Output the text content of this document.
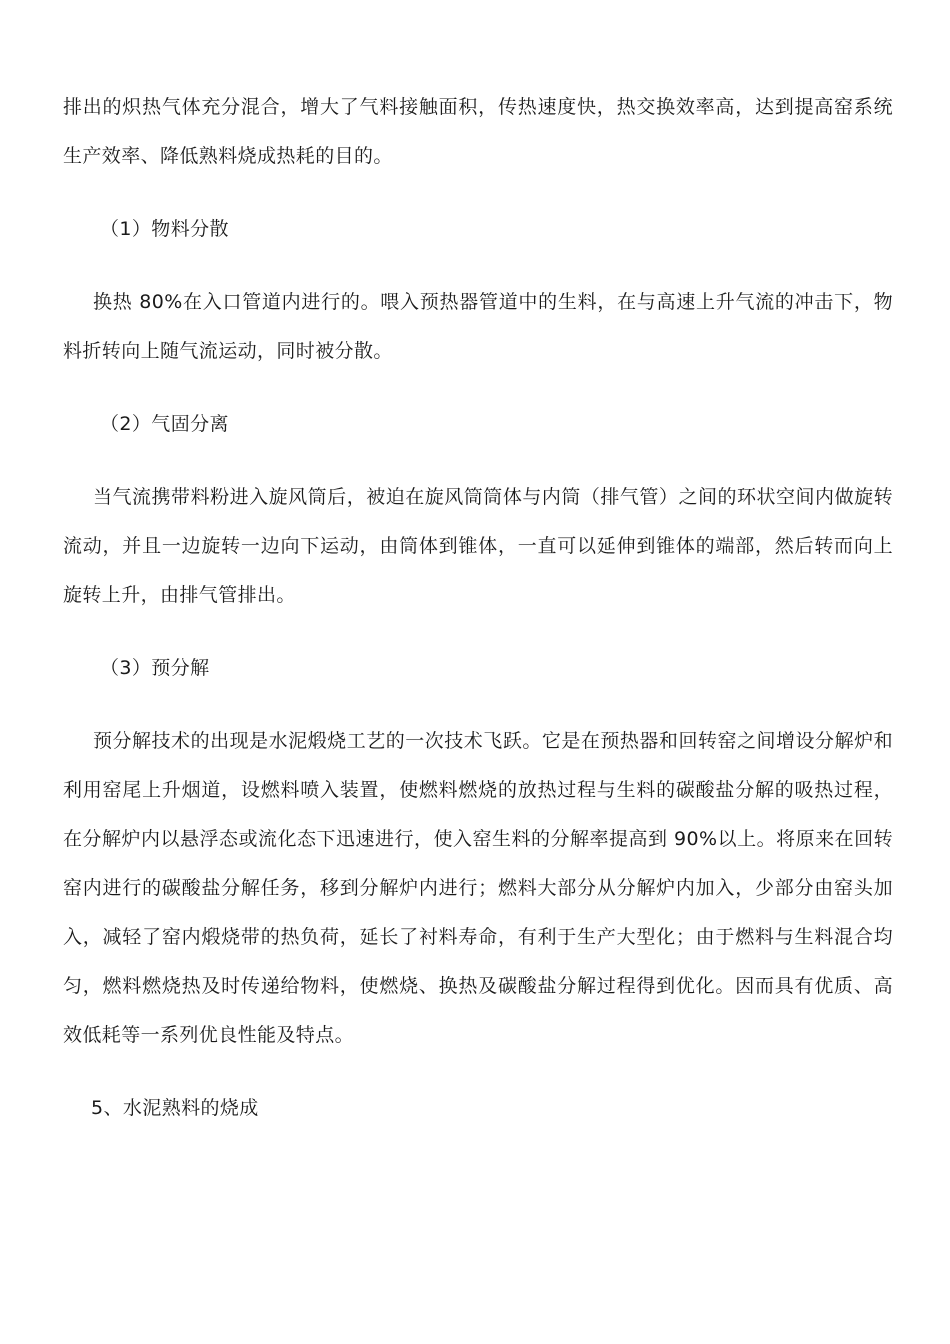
排出的炽热气体充分混合，增大了气料接触面积，传热速度快，热交换效率高，达到提高窑系统生产效率、降低熟料烧成热耗的目的。

（1）物料分散

换热 80%在入口管道内进行的。喂入预热器管道中的生料，在与高速上升气流的冲击下，物料折转向上随气流运动，同时被分散。

（2）气固分离

当气流携带料粉进入旋风筒后，被迫在旋风筒筒体与内筒（排气管）之间的环状空间内做旋转流动，并且一边旋转一边向下运动，由筒体到锥体，一直可以延伸到锥体的端部，然后转而向上旋转上升，由排气管排出。

（3）预分解

预分解技术的出现是水泥煅烧工艺的一次技术飞跃。它是在预热器和回转窑之间增设分解炉和利用窑尾上升烟道，设燃料喷入装置，使燃料燃烧的放热过程与生料的碳酸盐分解的吸热过程，在分解炉内以悬浮态或流化态下迅速进行，使入窑生料的分解率提高到 90%以上。将原来在回转窑内进行的碳酸盐分解任务，移到分解炉内进行；燃料大部分从分解炉内加入，少部分由窑头加入，减轻了窑内煅烧带的热负荷，延长了衬料寿命，有利于生产大型化；由于燃料与生料混合均匀，燃料燃烧热及时传递给物料，使燃烧、换热及碳酸盐分解过程得到优化。因而具有优质、高效低耗等一系列优良性能及特点。

5、水泥熟料的烧成
